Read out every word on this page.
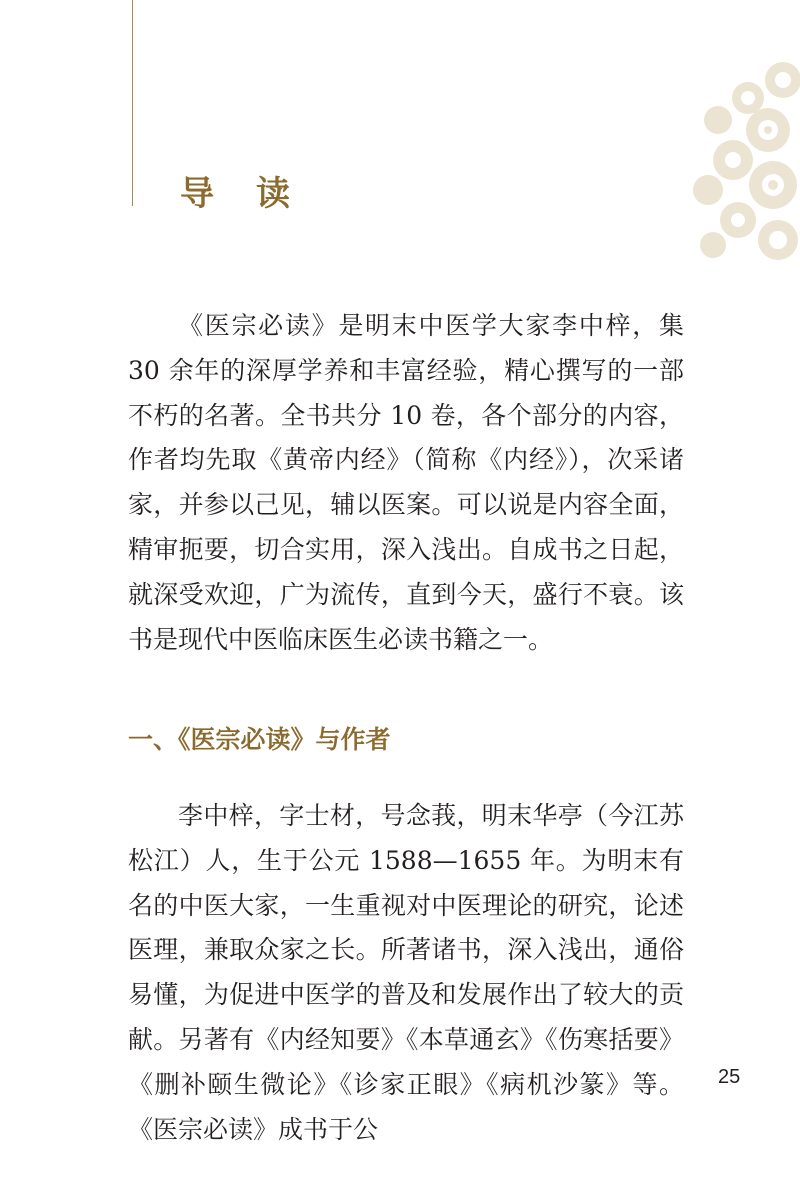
导 读

《医宗必读》是明末中医学大家李中梓，集 30 余年的深厚学养和丰富经验，精心撰写的一部不朽的名著。全书共分 10 卷，各个部分的内容，作者均先取《黄帝内经》（简称《内经》），次采诸家，并参以己见，辅以医案。可以说是内容全面，精审扼要，切合实用，深入浅出。自成书之日起，就深受欢迎，广为流传，直到今天，盛行不衰。该书是现代中医临床医生必读书籍之一。

一、《医宗必读》与作者

李中梓，字士材，号念莪，明末华亭（今江苏松江）人，生于公元 1588—1655 年。为明末有名的中医大家，一生重视对中医理论的研究，论述医理，兼取众家之长。所著诸书，深入浅出，通俗易懂，为促进中医学的普及和发展作出了较大的贡献。另著有《内经知要》《本草通玄》《伤寒括要》《删补颐生微论》《诊家正眼》《病机沙篆》等。《医宗必读》成书于公

25
